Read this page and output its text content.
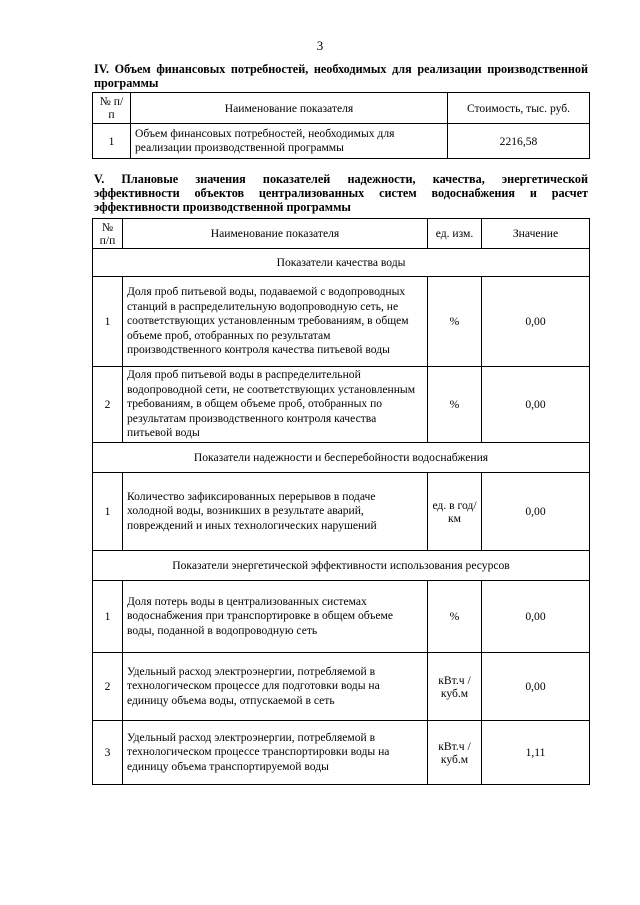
3
IV. Объем финансовых потребностей, необходимых для реализации производственной программы
№ п/п	Наименование показателя	Стоимость, тыс. руб.
1	Объем финансовых потребностей, необходимых для реализации производственной программы	2216,58
V. Плановые значения показателей надежности, качества, энергетической эффективности объектов централизованных систем водоснабжения и расчет эффективности производственной программы
№ п/п	Наименование показателя	ед. изм.	Значение
Показатели качества воды			
1	Доля проб питьевой воды, подаваемой с водопроводных станций в распределительную водопроводную сеть, не соответствующих установленным требованиям, в общем объеме проб, отобранных по результатам производственного контроля качества питьевой воды	%	0,00
2	Доля проб питьевой воды в распределительной водопроводной сети, не соответствующих установленным требованиям, в общем объеме проб, отобранных по результатам производственного контроля качества питьевой воды	%	0,00
Показатели надежности и бесперебойности водоснабжения			
1	Количество зафиксированных перерывов в подаче холодной воды, возникших в результате аварий, повреждений и иных технологических нарушений	ед. в год/ км	0,00
Показатели энергетической эффективности использования ресурсов			
1	Доля потерь воды в централизованных системах водоснабжения при транспортировке в общем объеме воды, поданной в водопроводную сеть	%	0,00
2	Удельный расход электроэнергии, потребляемой в технологическом процессе для подготовки воды на единицу объема воды, отпускаемой в сеть	кВт.ч / куб.м	0,00
3	Удельный расход электроэнергии, потребляемой в технологическом процессе транспортировки воды на единицу объема транспортируемой воды	кВт.ч / куб.м	1,11
